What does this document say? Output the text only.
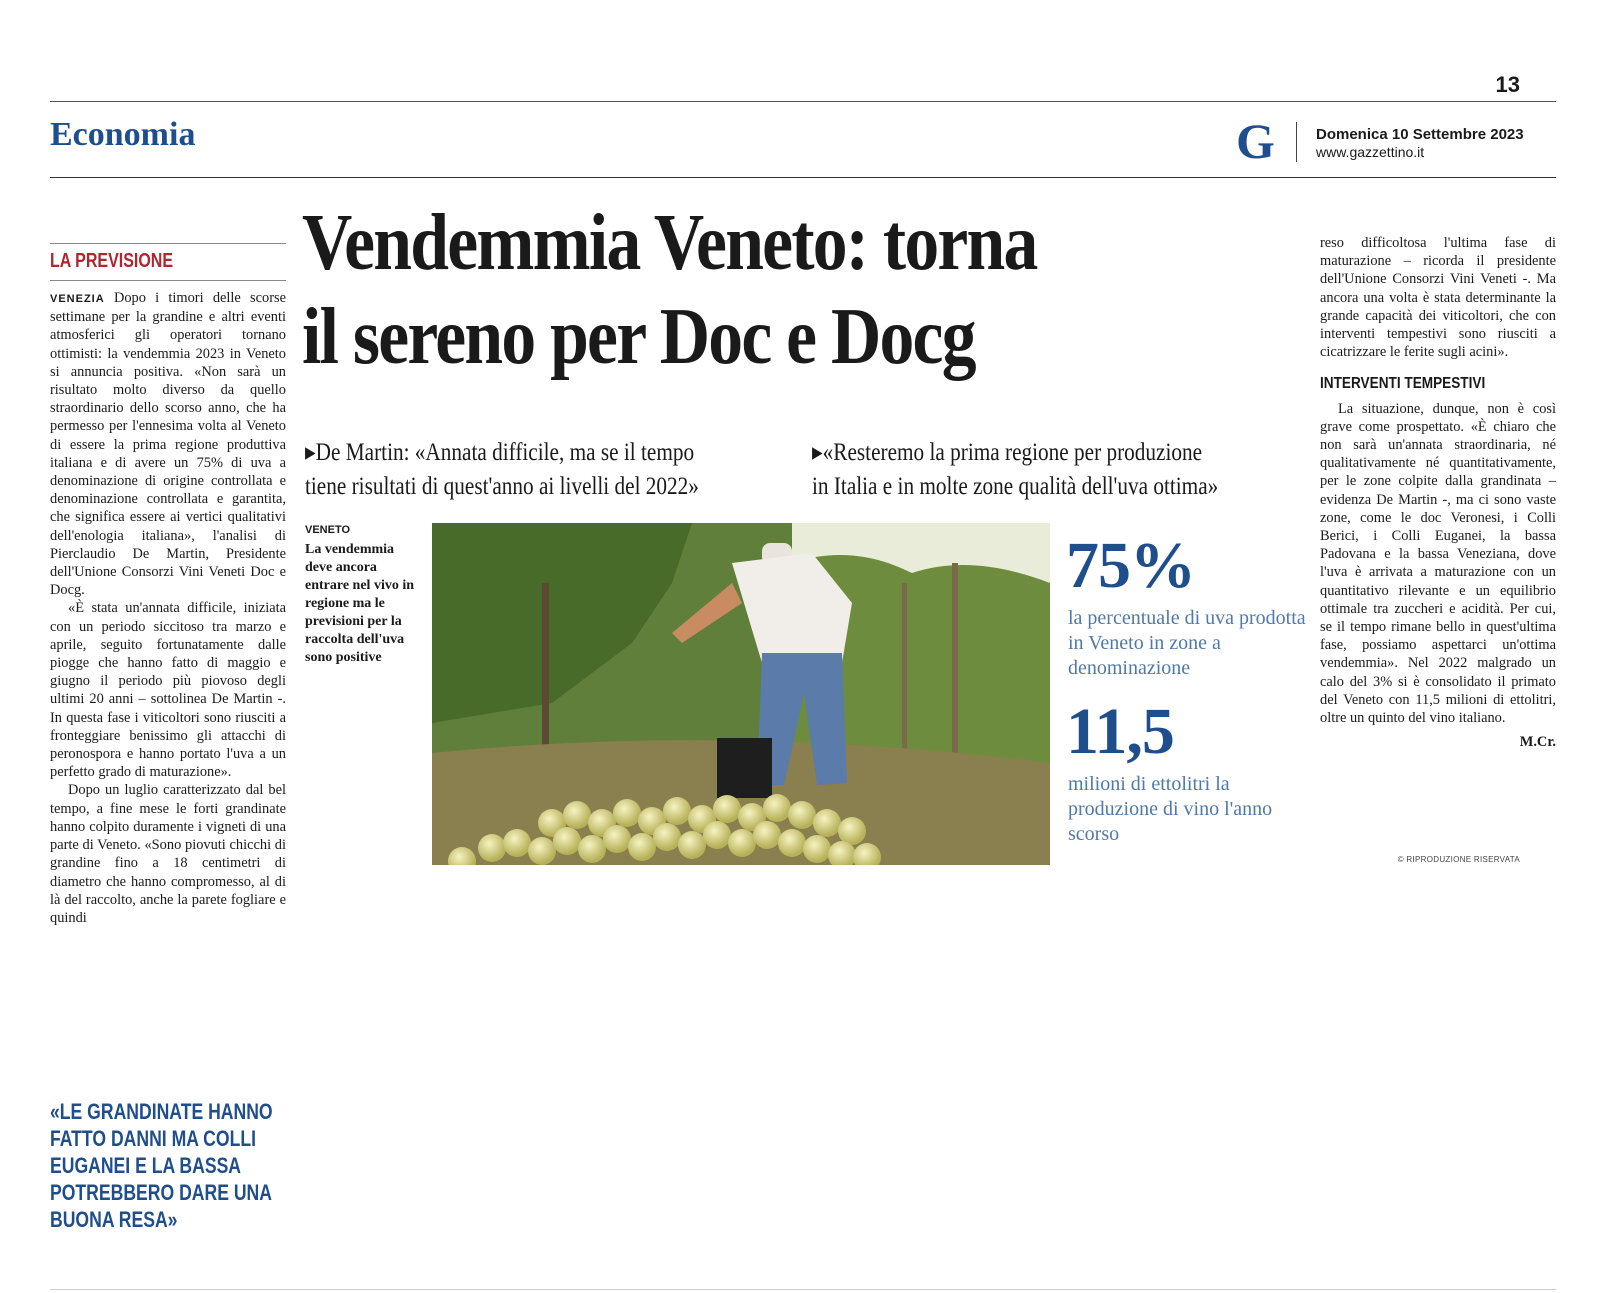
13
Economia	G	Domenica 10 Settembre 2023
www.gazzettino.it
LA PREVISIONE

VENEZIA Dopo i timori delle scorse settimane per la grandine e altri eventi atmosferici gli operatori tornano ottimisti: la vendemmia 2023 in Veneto si annuncia positiva. «Non sarà un risultato molto diverso da quello straordinario dello scorso anno, che ha permesso per l'ennesima volta al Veneto di essere la prima regione produttiva italiana e di avere un 75% di uva a denominazione di origine controllata e denominazione controllata e garantita, che significa essere ai vertici qualitativi dell'enologia italiana», l'analisi di Pierclaudio De Martin, Presidente dell'Unione Consorzi Vini Veneti Doc e Docg.

«È stata un'annata difficile, iniziata con un periodo siccitoso tra marzo e aprile, seguito fortunatamente dalle piogge che hanno fatto di maggio e giugno il periodo più piovoso degli ultimi 20 anni – sottolinea De Martin -. In questa fase i viticoltori sono riusciti a fronteggiare benissimo gli attacchi di peronospora e hanno portato l'uva a un perfetto grado di maturazione».

Dopo un luglio caratterizzato dal bel tempo, a fine mese le forti grandinate hanno colpito duramente i vigneti di una parte di Veneto. «Sono piovuti chicchi di grandine fino a 18 centimetri di diametro che hanno compromesso, al di là del raccolto, anche la parete fogliare e quindi

«LE GRANDINATE HANNO FATTO DANNI MA COLLI EUGANEI E LA BASSA POTREBBERO DARE UNA BUONA RESA»
Vendemmia Veneto: torna
il sereno per Doc e Docg
▸De Martin: «Annata difficile, ma se il tempo
tiene risultati di quest'anno ai livelli del 2022»
▸«Resteremo la prima regione per produzione
in Italia e in molte zone qualità dell'uva ottima»
VENETO
La vendemmia deve ancora entrare nel vivo in regione ma le previsioni per la raccolta dell'uva sono positive
75%
la percentuale di uva prodotta in Veneto in zone a denominazione
11,5
milioni di ettolitri la produzione di vino l'anno scorso

reso difficoltosa l'ultima fase di maturazione – ricorda il presidente dell'Unione Consorzi Vini Veneti -. Ma ancora una volta è stata determinante la grande capacità dei viticoltori, che con interventi tempestivi sono riusciti a cicatrizzare le ferite sugli acini».

INTERVENTI TEMPESTIVI

La situazione, dunque, non è così grave come prospettato. «È chiaro che non sarà un'annata straordinaria, né qualitativamente né quantitativamente, per le zone colpite dalla grandinata – evidenza De Martin -, ma ci sono vaste zone, come le doc Veronesi, i Colli Berici, i Colli Euganei, la bassa Padovana e la bassa Veneziana, dove l'uva è arrivata a maturazione con un quantitativo rilevante e un equilibrio ottimale tra zuccheri e acidità. Per cui, se il tempo rimane bello in quest'ultima fase, possiamo aspettarci un'ottima vendemmia». Nel 2022 malgrado un calo del 3% si è consolidato il primato del Veneto con 11,5 milioni di ettolitri, oltre un quinto del vino italiano.

M.Cr.
© RIPRODUZIONE RISERVATA
